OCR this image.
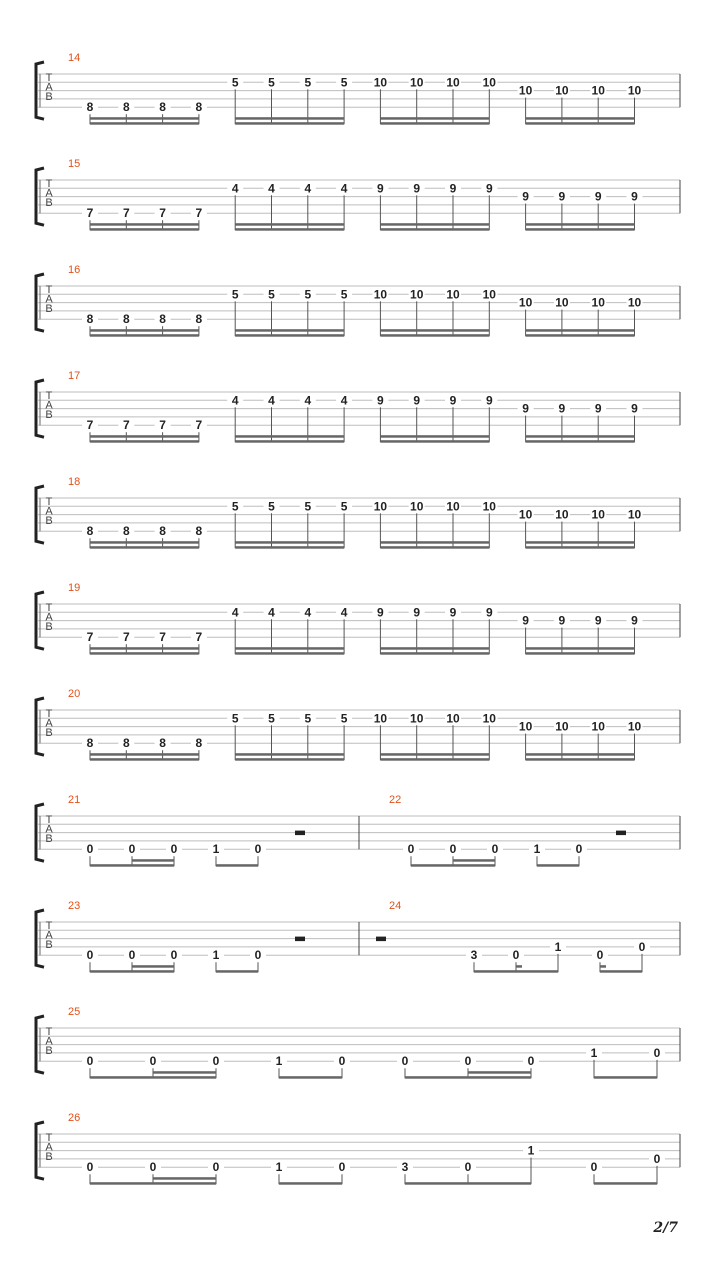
T
A
B
14
8 8 8 8
5 5 5 5 10 10 10 10
10 10 10 10
T
A
B
15
7 7 7 7
4 4 4 4 9 9 9 9
9 9 9 9
T
A
B
16
8 8 8 8
5 5 5 5 10 10 10 10
10 10 10 10
T
A
B
17
7 7 7 7
4 4 4 4 9 9 9 9
9 9 9 9
T
A
B
18
8 8 8 8
5 5 5 5 10 10 10 10
10 10 10 10
T
A
B
19
7 7 7 7
4 4 4 4 9 9 9 9
9 9 9 9
T
A
B
20
8 8 8 8
5 5 5 5 10 10 10 10
10 10 10 10
T
A
B
21
0	0	0	1	0
22
0	0	0	1	0
T
A
B
23
0	0	0	1	0
24
3	0
1
0
0
T
A
B
25
0	0	0	1	0	0	0	0
1	0
T
A
B
26
0	0	0	1	0	3	0
1
0
0
2/7
